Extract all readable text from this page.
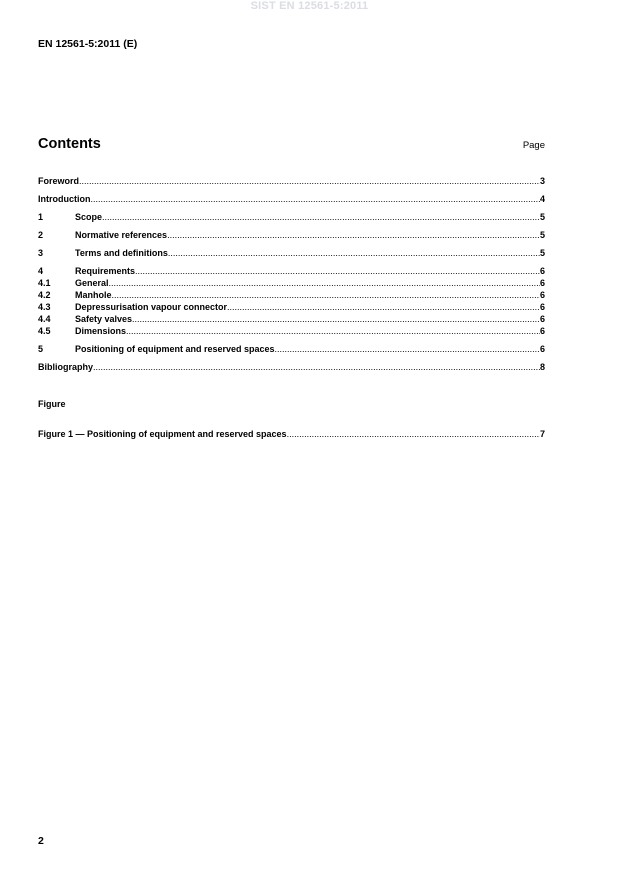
SIST EN 12561-5:2011
EN 12561-5:2011 (E)
Contents	Page
Foreword .....	3
Introduction .....	4
1	Scope .....	5
2	Normative references .....	5
3	Terms and definitions .....	5
4	Requirements .....	6
4.1	General .....	6
4.2	Manhole .....	6
4.3	Depressurisation vapour connector .....	6
4.4	Safety valves .....	6
4.5	Dimensions .....	6
5	Positioning of equipment and reserved spaces .....	6
Bibliography .....	8
Figure
Figure 1 — Positioning of equipment and reserved spaces .....	7
2
